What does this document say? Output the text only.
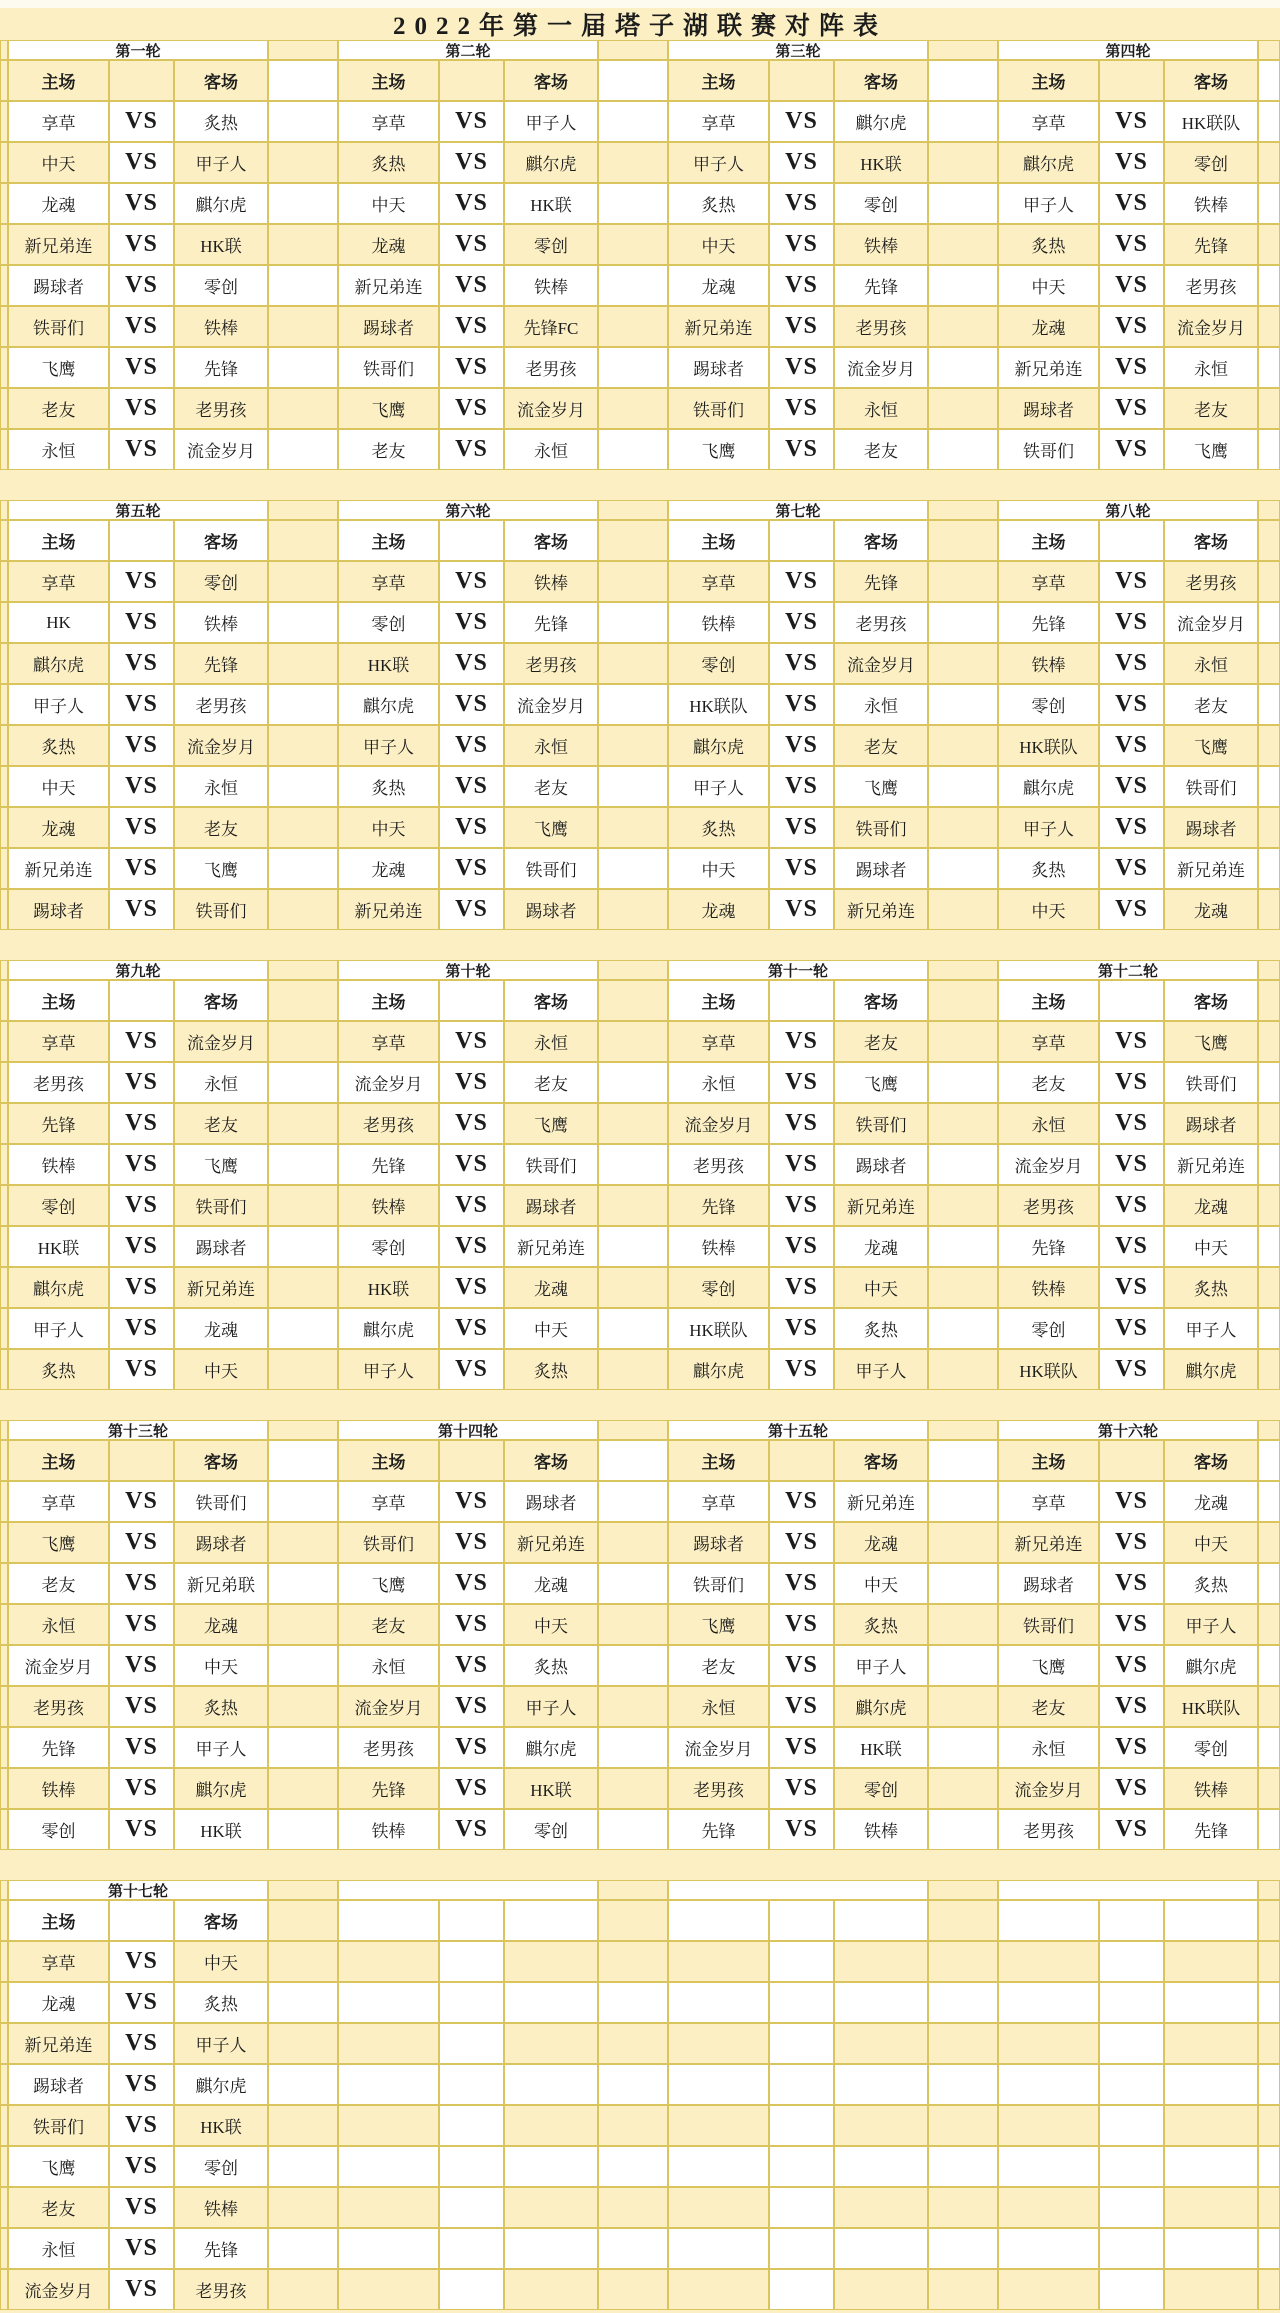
2022年第一届塔子湖联赛对阵表
第一轮	第二轮	第三轮	第四轮
主场	客场	主场	客场	主场	客场	主场	客场
享草	VS	炙热	享草	VS	甲子人	享草	VS	麒尔虎	享草	VS	HK联队
中天	VS	甲子人	炙热	VS	麒尔虎	甲子人	VS	HK联	麒尔虎	VS	零创
龙魂	VS	麒尔虎	中天	VS	HK联	炙热	VS	零创	甲子人	VS	铁棒
新兄弟连	VS	HK联	龙魂	VS	零创	中天	VS	铁棒	炙热	VS	先锋
踢球者	VS	零创	新兄弟连	VS	铁棒	龙魂	VS	先锋	中天	VS	老男孩
铁哥们	VS	铁棒	踢球者	VS	先锋FC	新兄弟连	VS	老男孩	龙魂	VS	流金岁月
飞鹰	VS	先锋	铁哥们	VS	老男孩	踢球者	VS	流金岁月	新兄弟连	VS	永恒
老友	VS	老男孩	飞鹰	VS	流金岁月	铁哥们	VS	永恒	踢球者	VS	老友
永恒	VS	流金岁月	老友	VS	永恒	飞鹰	VS	老友	铁哥们	VS	飞鹰
第五轮	第六轮	第七轮	第八轮
主场	客场	主场	客场	主场	客场	主场	客场
享草	VS	零创	享草	VS	铁棒	享草	VS	先锋	享草	VS	老男孩
HK	VS	铁棒	零创	VS	先锋	铁棒	VS	老男孩	先锋	VS	流金岁月
麒尔虎	VS	先锋	HK联	VS	老男孩	零创	VS	流金岁月	铁棒	VS	永恒
甲子人	VS	老男孩	麒尔虎	VS	流金岁月	HK联队	VS	永恒	零创	VS	老友
炙热	VS	流金岁月	甲子人	VS	永恒	麒尔虎	VS	老友	HK联队	VS	飞鹰
中天	VS	永恒	炙热	VS	老友	甲子人	VS	飞鹰	麒尔虎	VS	铁哥们
龙魂	VS	老友	中天	VS	飞鹰	炙热	VS	铁哥们	甲子人	VS	踢球者
新兄弟连	VS	飞鹰	龙魂	VS	铁哥们	中天	VS	踢球者	炙热	VS	新兄弟连
踢球者	VS	铁哥们	新兄弟连	VS	踢球者	龙魂	VS	新兄弟连	中天	VS	龙魂
第九轮	第十轮	第十一轮	第十二轮
主场	客场	主场	客场	主场	客场	主场	客场
享草	VS	流金岁月	享草	VS	永恒	享草	VS	老友	享草	VS	飞鹰
老男孩	VS	永恒	流金岁月	VS	老友	永恒	VS	飞鹰	老友	VS	铁哥们
先锋	VS	老友	老男孩	VS	飞鹰	流金岁月	VS	铁哥们	永恒	VS	踢球者
铁棒	VS	飞鹰	先锋	VS	铁哥们	老男孩	VS	踢球者	流金岁月	VS	新兄弟连
零创	VS	铁哥们	铁棒	VS	踢球者	先锋	VS	新兄弟连	老男孩	VS	龙魂
HK联	VS	踢球者	零创	VS	新兄弟连	铁棒	VS	龙魂	先锋	VS	中天
麒尔虎	VS	新兄弟连	HK联	VS	龙魂	零创	VS	中天	铁棒	VS	炙热
甲子人	VS	龙魂	麒尔虎	VS	中天	HK联队	VS	炙热	零创	VS	甲子人
炙热	VS	中天	甲子人	VS	炙热	麒尔虎	VS	甲子人	HK联队	VS	麒尔虎
第十三轮	第十四轮	第十五轮	第十六轮
主场	客场	主场	客场	主场	客场	主场	客场
享草	VS	铁哥们	享草	VS	踢球者	享草	VS	新兄弟连	享草	VS	龙魂
飞鹰	VS	踢球者	铁哥们	VS	新兄弟连	踢球者	VS	龙魂	新兄弟连	VS	中天
老友	VS	新兄弟联	飞鹰	VS	龙魂	铁哥们	VS	中天	踢球者	VS	炙热
永恒	VS	龙魂	老友	VS	中天	飞鹰	VS	炙热	铁哥们	VS	甲子人
流金岁月	VS	中天	永恒	VS	炙热	老友	VS	甲子人	飞鹰	VS	麒尔虎
老男孩	VS	炙热	流金岁月	VS	甲子人	永恒	VS	麒尔虎	老友	VS	HK联队
先锋	VS	甲子人	老男孩	VS	麒尔虎	流金岁月	VS	HK联	永恒	VS	零创
铁棒	VS	麒尔虎	先锋	VS	HK联	老男孩	VS	零创	流金岁月	VS	铁棒
零创	VS	HK联	铁棒	VS	零创	先锋	VS	铁棒	老男孩	VS	先锋
第十七轮
主场	客场
享草	VS	中天
龙魂	VS	炙热
新兄弟连	VS	甲子人
踢球者	VS	麒尔虎
铁哥们	VS	HK联
飞鹰	VS	零创
老友	VS	铁棒
永恒	VS	先锋
流金岁月	VS	老男孩
